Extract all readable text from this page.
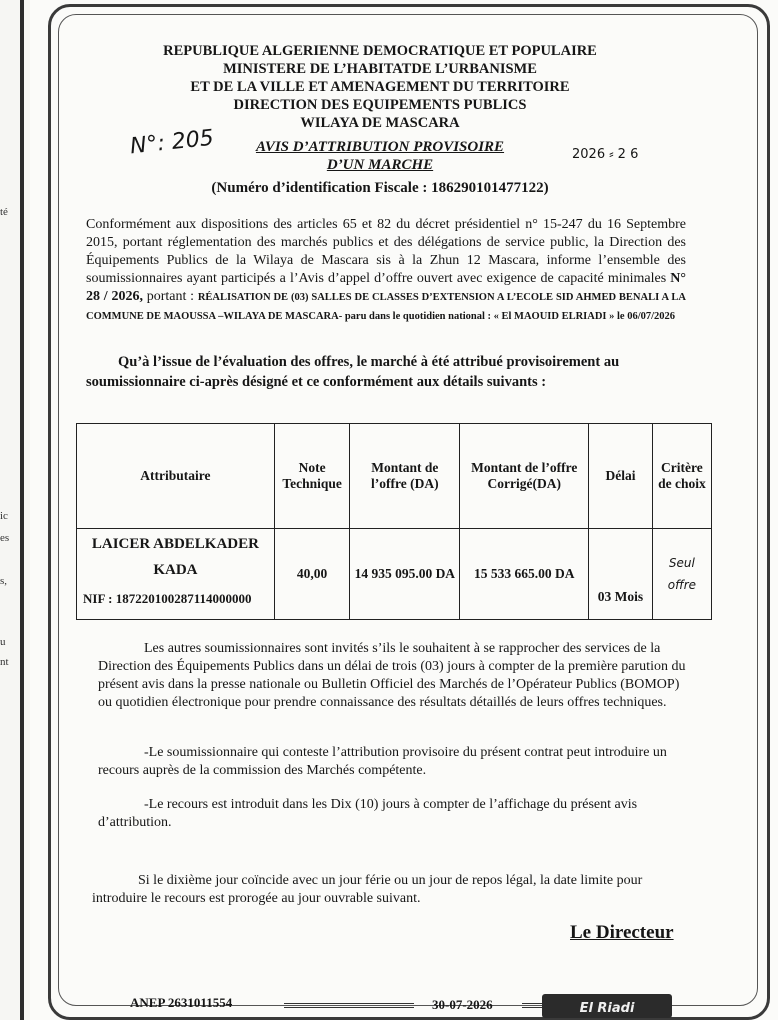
té
ic
es
s,
u
nt
REPUBLIQUE ALGERIENNE DEMOCRATIQUE ET POPULAIRE
MINISTERE DE L’HABITATDE L’URBANISME
ET DE LA VILLE ET AMENAGEMENT DU TERRITOIRE
DIRECTION DES EQUIPEMENTS PUBLICS
WILAYA DE MASCARA
N°: 205	AVIS D’ATTRIBUTION PROVISOIRE
D’UN MARCHE
2026 ⸗ 2 6
(Numéro d’identification Fiscale : 186290101477122)
Conformément aux dispositions des articles 65 et 82 du décret présidentiel n° 15-247 du 16 Septembre 2015, portant réglementation des marchés publics et des délégations de service public, la Direction des Équipements Publics de la Wilaya de Mascara sis à la Zhun 12 Mascara, informe l’ensemble des soumissionnaires ayant participés a l’Avis d’appel d’offre ouvert avec exigence de capacité minimales N° 28 / 2026, portant : RÉALISATION DE (03) SALLES DE CLASSES D’EXTENSION A L’ECOLE SID AHMED BENALI A LA COMMUNE DE MAOUSSA –WILAYA DE MASCARA- paru dans le quotidien national : « El MAOUID ELRIADI » le 06/07/2026
Qu’à l’issue de l’évaluation des offres, le marché à été attribué provisoirement au soumissionnaire ci-après désigné et ce conformément aux détails suivants :
Attributaire	Note Technique	Montant de l’offre (DA)	Montant de l’offre Corrigé(DA)	Délai	Critère de choix

LAICER ABDELKADER
KADA
NIF : 187220100287114000000	40,00	14 935 095.00 DA	15 533 665.00 DA	03 Mois	Seul
offre
Les autres soumissionnaires sont invités s’ils le souhaitent à se rapprocher des services de la Direction des Équipements Publics dans un délai de trois (03) jours à compter de la première parution du présent avis dans la presse nationale ou Bulletin Officiel des Marchés de l’Opérateur Publics (BOMOP) ou quotidien électronique pour prendre connaissance des résultats détaillés de leurs offres techniques.
-Le soumissionnaire qui conteste l’attribution provisoire du présent contrat peut introduire un recours auprès de la commission des Marchés compétente.
-Le recours est introduit dans les Dix (10) jours à compter de l’affichage du présent avis d’attribution.
Si le dixième jour coïncide avec un jour férie ou un jour de repos légal, la date limite pour introduire le recours est prorogée au jour ouvrable suivant.
Le Directeur
ANEP 2631011554	30-07-2026	El Riadi
